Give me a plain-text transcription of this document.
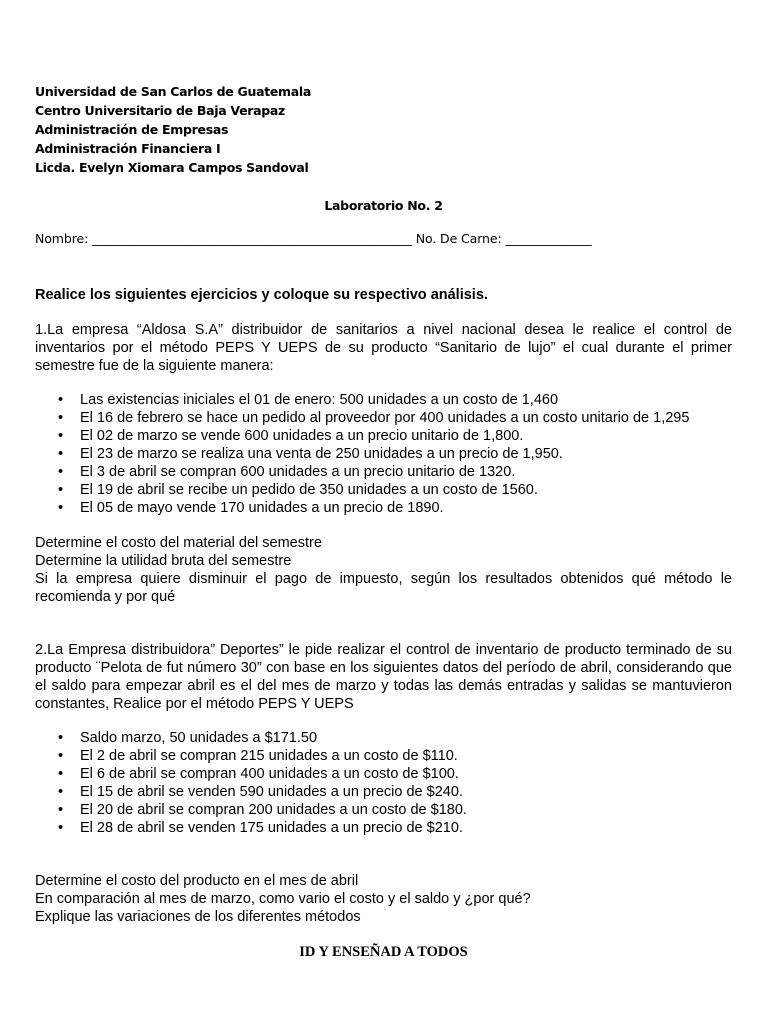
Universidad de San Carlos de Guatemala
Centro Universitario de Baja Verapaz
Administración de Empresas
Administración Financiera I
Licda. Evelyn Xiomara Campos Sandoval
Laboratorio No. 2
Nombre: ____________________________________________________ No. De Carne: ______________
Realice los siguientes ejercicios y coloque su respectivo análisis.

1.La empresa “Aldosa S.A” distribuidor de sanitarios a nivel nacional desea le realice el control de inventarios por el método PEPS Y UEPS de su producto “Sanitario de lujo” el cual durante el primer semestre fue de la siguiente manera:

• Las existencias iniciales el 01 de enero: 500 unidades a un costo de 1,460
• El 16 de febrero se hace un pedido al proveedor por 400 unidades a un costo unitario de 1,295
• El 02 de marzo se vende 600 unidades a un precio unitario de 1,800.
• El 23 de marzo se realiza una venta de 250 unidades a un precio de 1,950.
• El 3 de abril se compran 600 unidades a un precio unitario de 1320.
• El 19 de abril se recibe un pedido de 350 unidades a un costo de 1560.
• El 05 de mayo vende 170 unidades a un precio de 1890.
Determine el costo del material del semestre
Determine la utilidad bruta del semestre
Si la empresa quiere disminuir el pago de impuesto, según los resultados obtenidos qué método le recomienda y por qué

2.La Empresa distribuidora” Deportes” le pide realizar el control de inventario de producto terminado de su producto ¨Pelota de fut número 30” con base en los siguientes datos del período de abril, considerando que el saldo para empezar abril es el del mes de marzo y todas las demás entradas y salidas se mantuvieron constantes, Realice por el método PEPS Y UEPS

• Saldo marzo, 50 unidades a $171.50
• El 2 de abril se compran 215 unidades a un costo de $110.
• El 6 de abril se compran 400 unidades a un costo de $100.
• El 15 de abril se venden 590 unidades a un precio de $240.
• El 20 de abril se compran 200 unidades a un costo de $180.
• El 28 de abril se venden 175 unidades a un precio de $210.
Determine el costo del producto en el mes de abril
En comparación al mes de marzo, como vario el costo y el saldo y ¿por qué?
Explique las variaciones de los diferentes métodos
ID Y ENSEÑAD A TODOS
